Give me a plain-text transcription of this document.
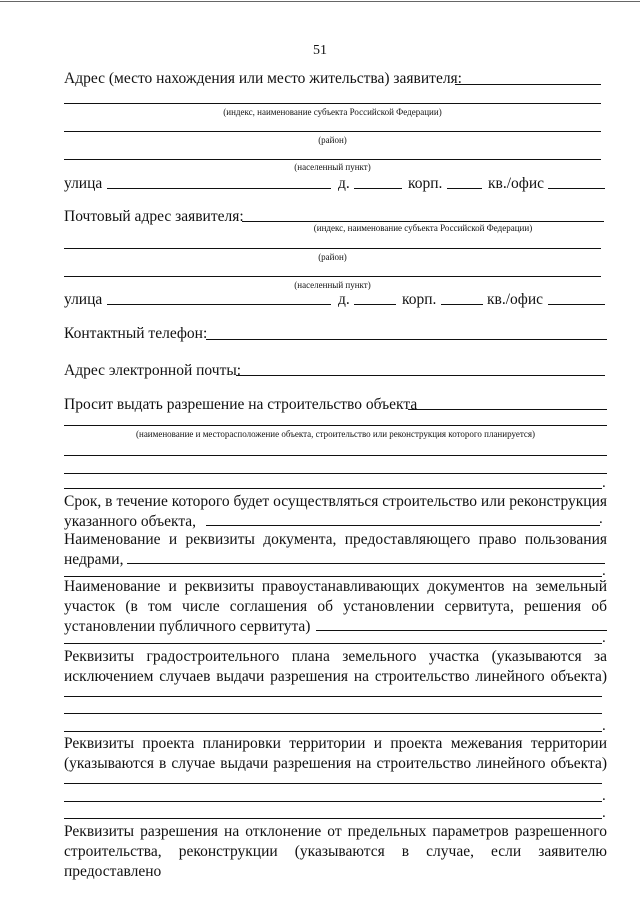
51
Адрес (место нахождения или место жительства) заявителя:
(индекс, наименование субъекта Российской Федерации)
(район)
(населенный пункт)
улица	д.	корп.	кв./офис
Почтовый адрес заявителя:
(индекс, наименование субъекта Российской Федерации)
(район)
(населенный пункт)
улица	д.	корп.	кв./офис
Контактный телефон:
Адрес электронной почты:
Просит выдать разрешение на строительство объекта
(наименование и месторасположение объекта, строительство или реконструкция которого планируется)
.
Срок, в течение которого будет осуществляться строительство или реконструкция
указанного объекта,	.
Наименование и реквизиты документа, предоставляющего право пользования
недрами,
.
Наименование и реквизиты правоустанавливающих документов на земельный
участок (в том числе соглашения об установлении сервитута, решения об
установлении публичного сервитута)
.
Реквизиты градостроительного плана земельного участка (указываются за
исключением случаев выдачи разрешения на строительство линейного объекта)
.
Реквизиты проекта планировки территории и проекта межевания территории
(указываются в случае выдачи разрешения на строительство линейного объекта)
.
.
Реквизиты разрешения на отклонение от предельных параметров разрешенного
строительства, реконструкции (указываются в случае, если заявителю предоставлено
